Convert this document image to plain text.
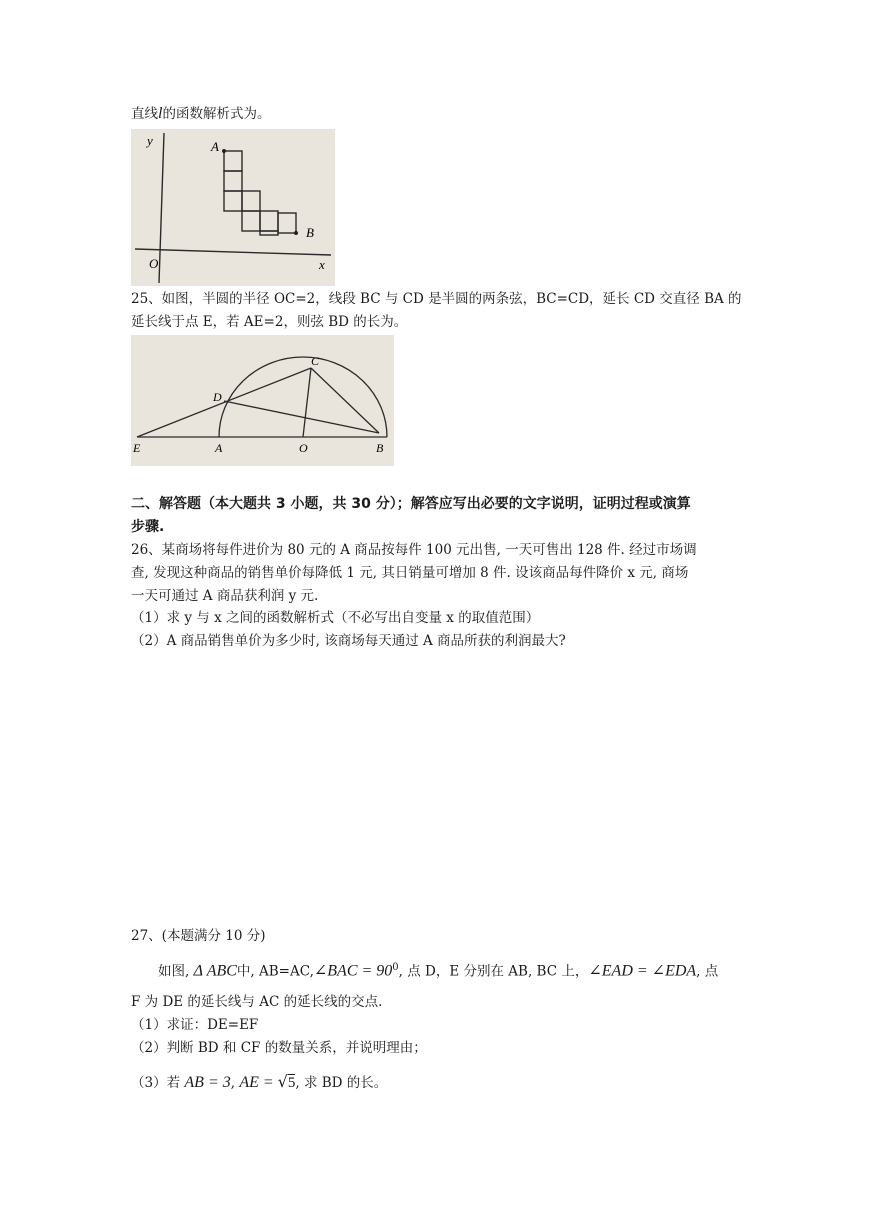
直线l的函数解析式为。
y
x
O
A
B
25、如图，半圆的半径 OC=2，线段 BC 与 CD 是半圆的两条弦，BC=CD，延长 CD 交直径 BA 的
延长线于点 E，若 AE=2，则弦 BD 的长为。
E	A	O	B
C
D
二、解答题（本大题共 3 小题，共 30 分）；解答应写出必要的文字说明，证明过程或演算
步骤.
26、某商场将每件进价为 80 元的 A 商品按每件 100 元出售, 一天可售出 128 件. 经过市场调
查, 发现这种商品的销售单价每降低 1 元, 其日销量可增加 8 件. 设该商品每件降价 x 元, 商场
一天可通过 A 商品获利润 y 元.
（1）求 y 与 x 之间的函数解析式（不必写出自变量 x 的取值范围）
（2）A 商品销售单价为多少时, 该商场每天通过 A 商品所获的利润最大?
27、(本题满分 10 分)
如图, Δ ABC中, AB=AC,∠BAC = $90^0$, 点 D，E 分别在 AB, BC 上，∠EAD = ∠EDA, 点
F 为 DE 的延长线与 AC 的延长线的交点.
（1）求证：DE=EF
（2）判断 BD 和 CF 的数量关系，并说明理由；
（3）若 AB = 3, AE = √5, 求 BD 的长。
